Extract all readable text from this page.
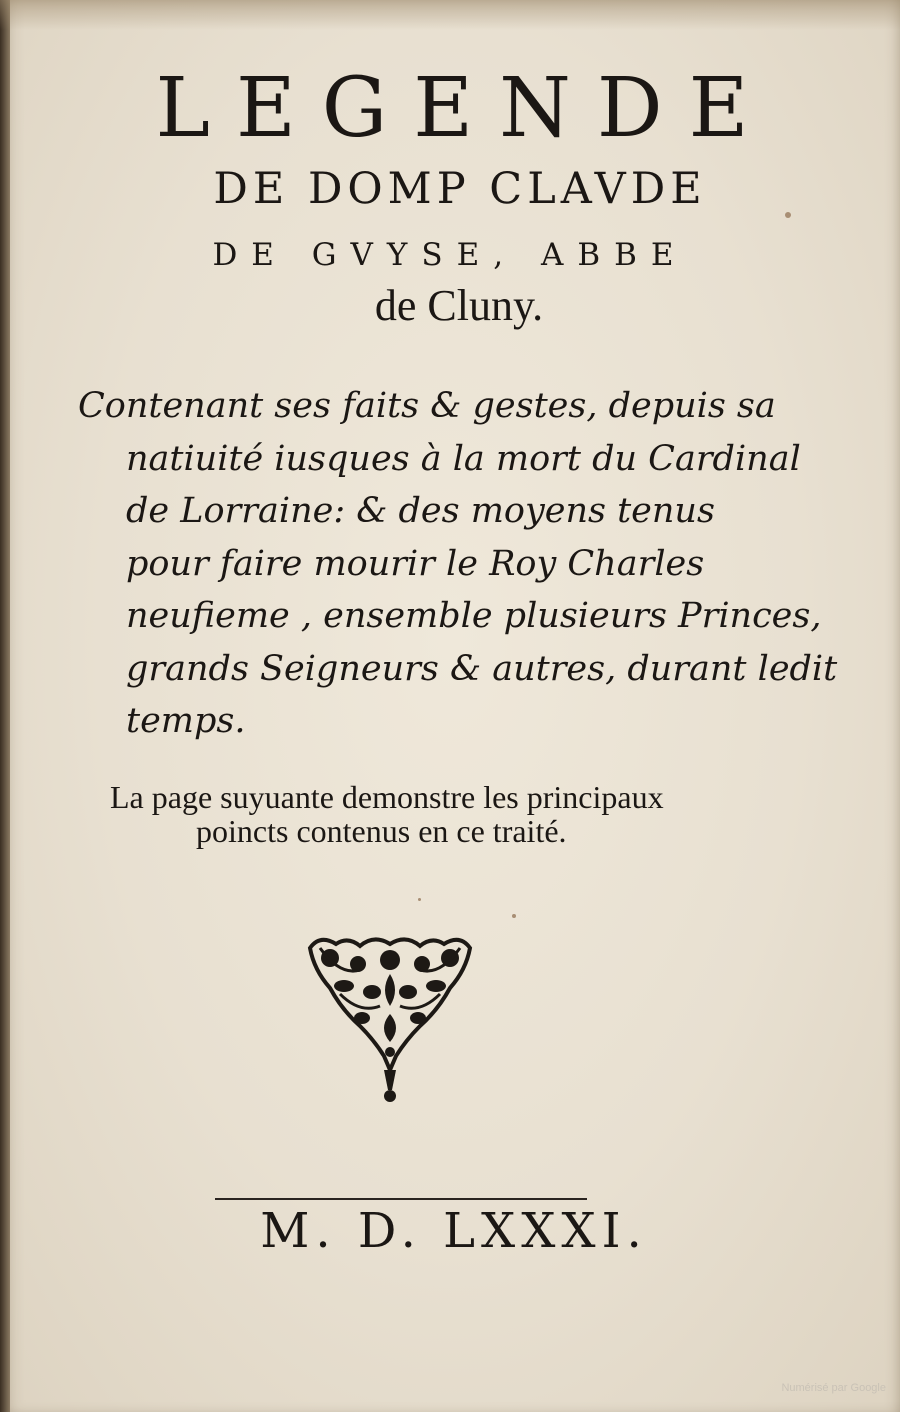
LEGENDE
DE DOMP CLAVDE
DE GVYSE, ABBE
de Cluny.
Contenant ses faits & gestes, depuis sa
natiuité iusques à la mort du Cardinal
de Lorraine: & des moyens tenus
pour faire mourir le Roy Charles
neufieme , ensemble plusieurs Princes,
grands Seigneurs & autres, durant ledit
temps.
La page suyuante demonstre les principaux
poincts contenus en ce traité.
M. D. LXXXI.
Numérisé par Google
